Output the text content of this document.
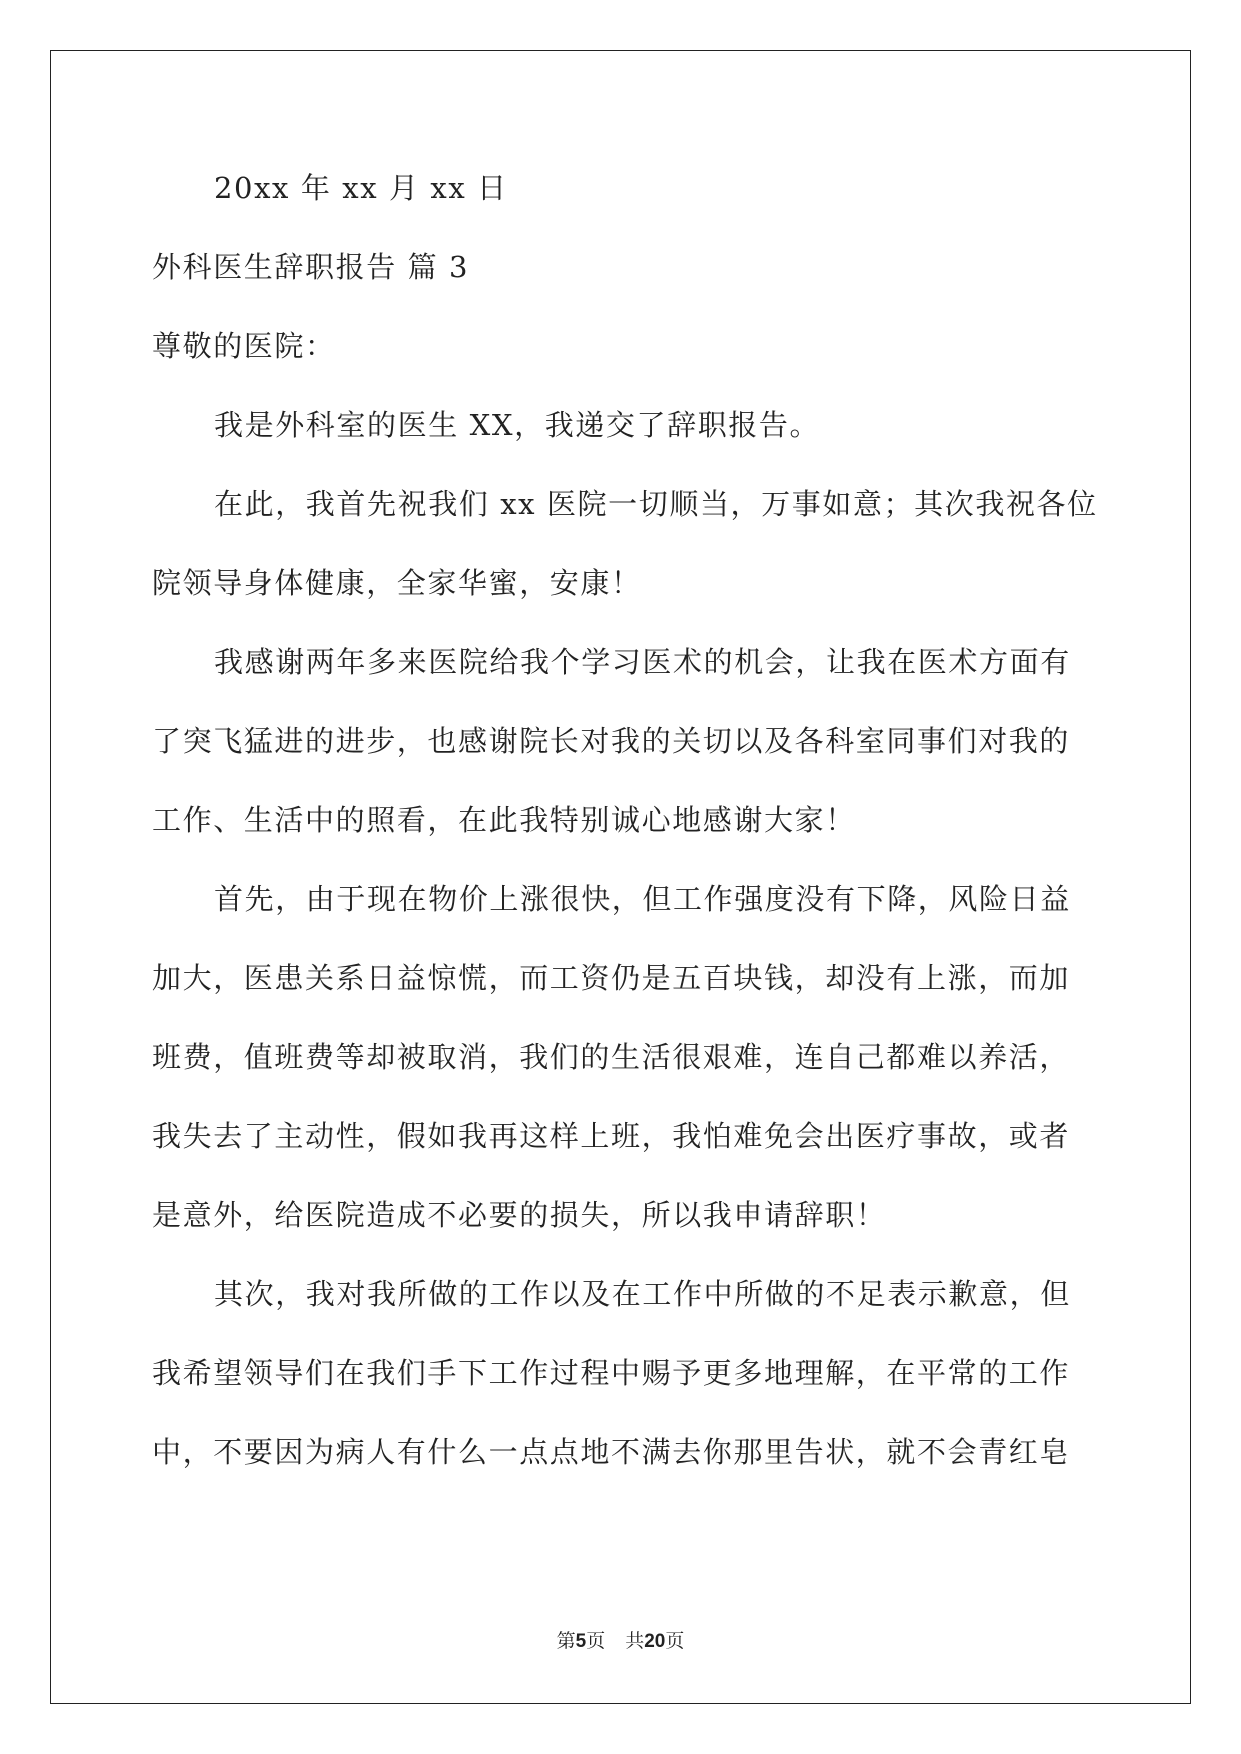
20xx 年 xx 月 xx 日
外科医生辞职报告 篇 3
尊敬的医院：
我是外科室的医生 XX，我递交了辞职报告。
在此，我首先祝我们 xx 医院一切顺当，万事如意；其次我祝各位
院领导身体健康，全家华蜜，安康！
我感谢两年多来医院给我个学习医术的机会，让我在医术方面有
了突飞猛进的进步，也感谢院长对我的关切以及各科室同事们对我的
工作、生活中的照看，在此我特别诚心地感谢大家！
首先，由于现在物价上涨很快，但工作强度没有下降，风险日益
加大，医患关系日益惊慌，而工资仍是五百块钱，却没有上涨，而加
班费，值班费等却被取消，我们的生活很艰难，连自己都难以养活，
我失去了主动性，假如我再这样上班，我怕难免会出医疗事故，或者
是意外，给医院造成不必要的损失，所以我申请辞职！
其次，我对我所做的工作以及在工作中所做的不足表示歉意，但
我希望领导们在我们手下工作过程中赐予更多地理解，在平常的工作
中，不要因为病人有什么一点点地不满去你那里告状，就不会青红皂
第5页 共20页
